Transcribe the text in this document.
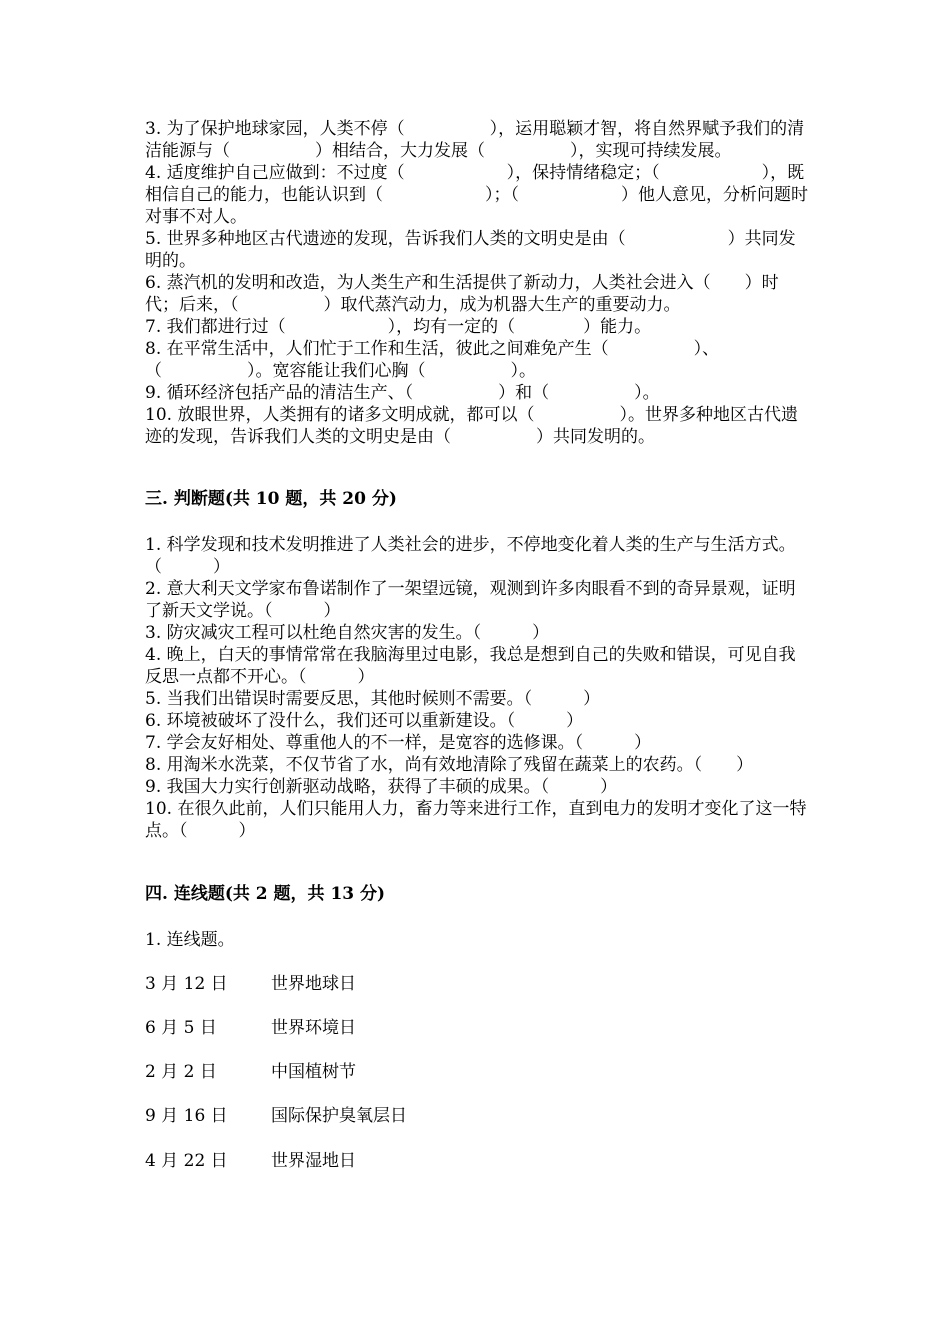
3. 为了保护地球家园，人类不停（　　　　　），运用聪颖才智，将自然界赋予我们的清洁能源与（　　　　　）相结合，大力发展（　　　　　），实现可持续发展。

4. 适度维护自己应做到：不过度（　　　　　　），保持情绪稳定；（　　　　　　），既相信自己的能力，也能认识到（　　　　　　）；（　　　　　　）他人意见，分析问题时对事不对人。

5. 世界多种地区古代遗迹的发现，告诉我们人类的文明史是由（　　　　　　）共同发明的。

6. 蒸汽机的发明和改造，为人类生产和生活提供了新动力，人类社会进入（　　）时代；后来，（　　　　　）取代蒸汽动力，成为机器大生产的重要动力。

7. 我们都进行过（　　　　　　），均有一定的（　　　　）能力。

8. 在平常生活中，人们忙于工作和生活，彼此之间难免产生（　　　　　）、（　　　　　）。宽容能让我们心胸（　　　　　）。

9. 循环经济包括产品的清洁生产、（　　　　　）和（　　　　　）。

10. 放眼世界，人类拥有的诸多文明成就，都可以（　　　　　）。世界多种地区古代遗迹的发现，告诉我们人类的文明史是由（　　　　　）共同发明的。

三. 判断题(共 10 题，共 20 分)

1. 科学发现和技术发明推进了人类社会的进步，不停地变化着人类的生产与生活方式。（　　　）

2. 意大利天文学家布鲁诺制作了一架望远镜，观测到许多肉眼看不到的奇异景观，证明了新天文学说。（　　　）

3. 防灾减灾工程可以杜绝自然灾害的发生。（　　　）

4. 晚上，白天的事情常常在我脑海里过电影，我总是想到自己的失败和错误，可见自我反思一点都不开心。（　　　）

5. 当我们出错误时需要反思，其他时候则不需要。（　　　）

6. 环境被破坏了没什么，我们还可以重新建设。（　　　）

7. 学会友好相处、尊重他人的不一样，是宽容的选修课。（　　　）

8. 用淘米水洗菜，不仅节省了水，尚有效地清除了残留在蔬菜上的农药。（　　）

9. 我国大力实行创新驱动战略，获得了丰硕的成果。（　　　）

10. 在很久此前，人们只能用人力，畜力等来进行工作，直到电力的发明才变化了这一特点。（　　　）

四. 连线题(共 2 题，共 13 分)

1. 连线题。

3 月 12 日	世界地球日
6 月 5 日	世界环境日
2 月 2 日	中国植树节
9 月 16 日	国际保护臭氧层日
4 月 22 日	世界湿地日
